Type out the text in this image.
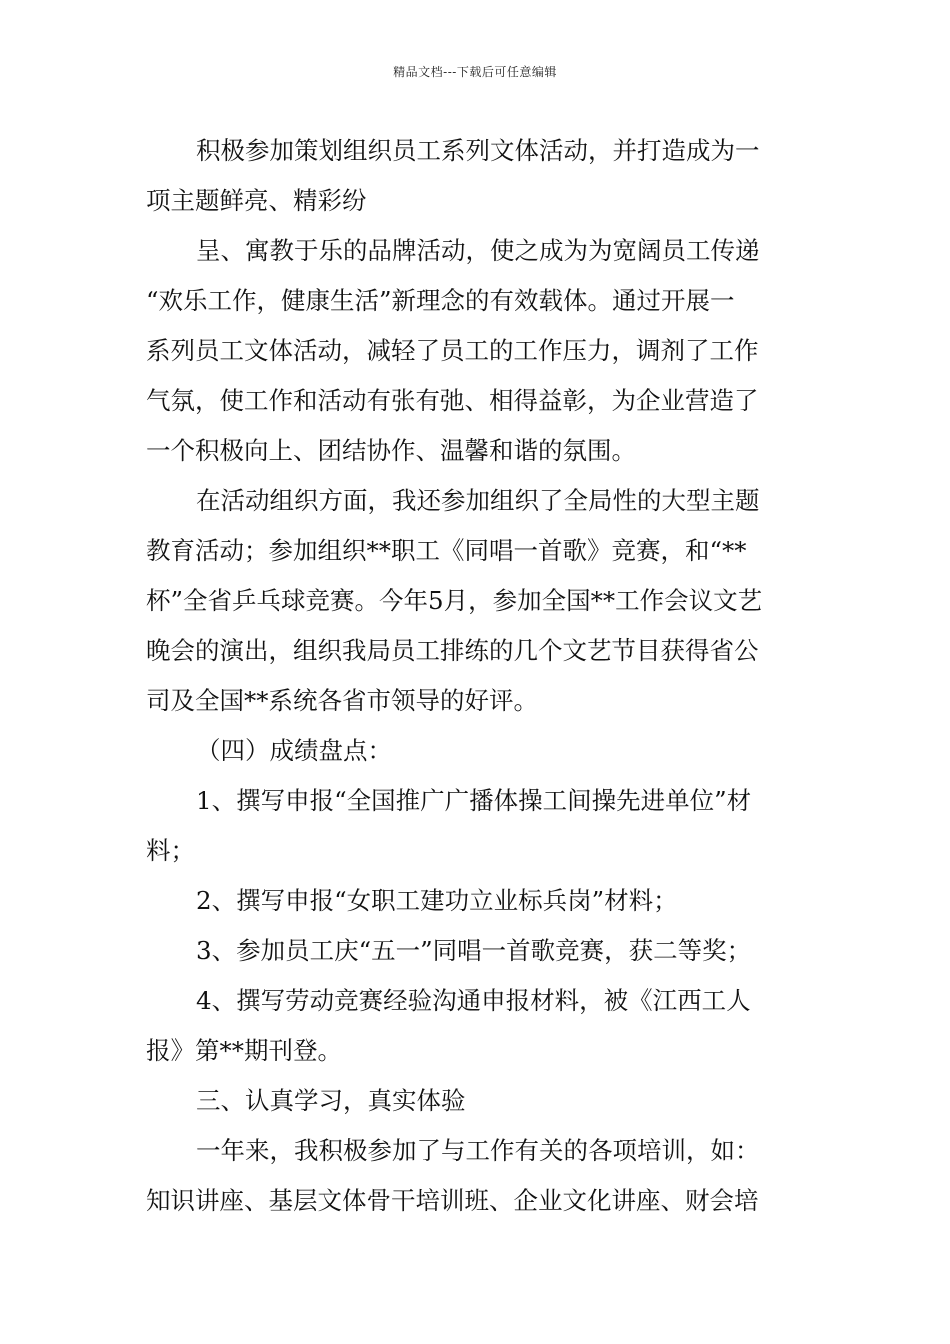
精品文档---下载后可任意编辑
积极参加策划组织员工系列文体活动，并打造成为一
项主题鲜亮、精彩纷
呈、寓教于乐的品牌活动，使之成为为宽阔员工传递
“欢乐工作，健康生活”新理念的有效载体。通过开展一
系列员工文体活动，减轻了员工的工作压力，调剂了工作
气氛，使工作和活动有张有弛、相得益彰，为企业营造了
一个积极向上、团结协作、温馨和谐的氛围。
在活动组织方面，我还参加组织了全局性的大型主题
教育活动；参加组织**职工《同唱一首歌》竞赛，和“**
杯”全省乒乓球竞赛。今年5月，参加全国**工作会议文艺
晚会的演出，组织我局员工排练的几个文艺节目获得省公
司及全国**系统各省市领导的好评。
（四）成绩盘点：
1、撰写申报“全国推广广播体操工间操先进单位”材
料；
2、撰写申报“女职工建功立业标兵岗”材料；
3、参加员工庆“五一”同唱一首歌竞赛，获二等奖；
4、撰写劳动竞赛经验沟通申报材料，被《江西工人
报》第**期刊登。
三、认真学习，真实体验
一年来，我积极参加了与工作有关的各项培训，如：
知识讲座、基层文体骨干培训班、企业文化讲座、财会培
